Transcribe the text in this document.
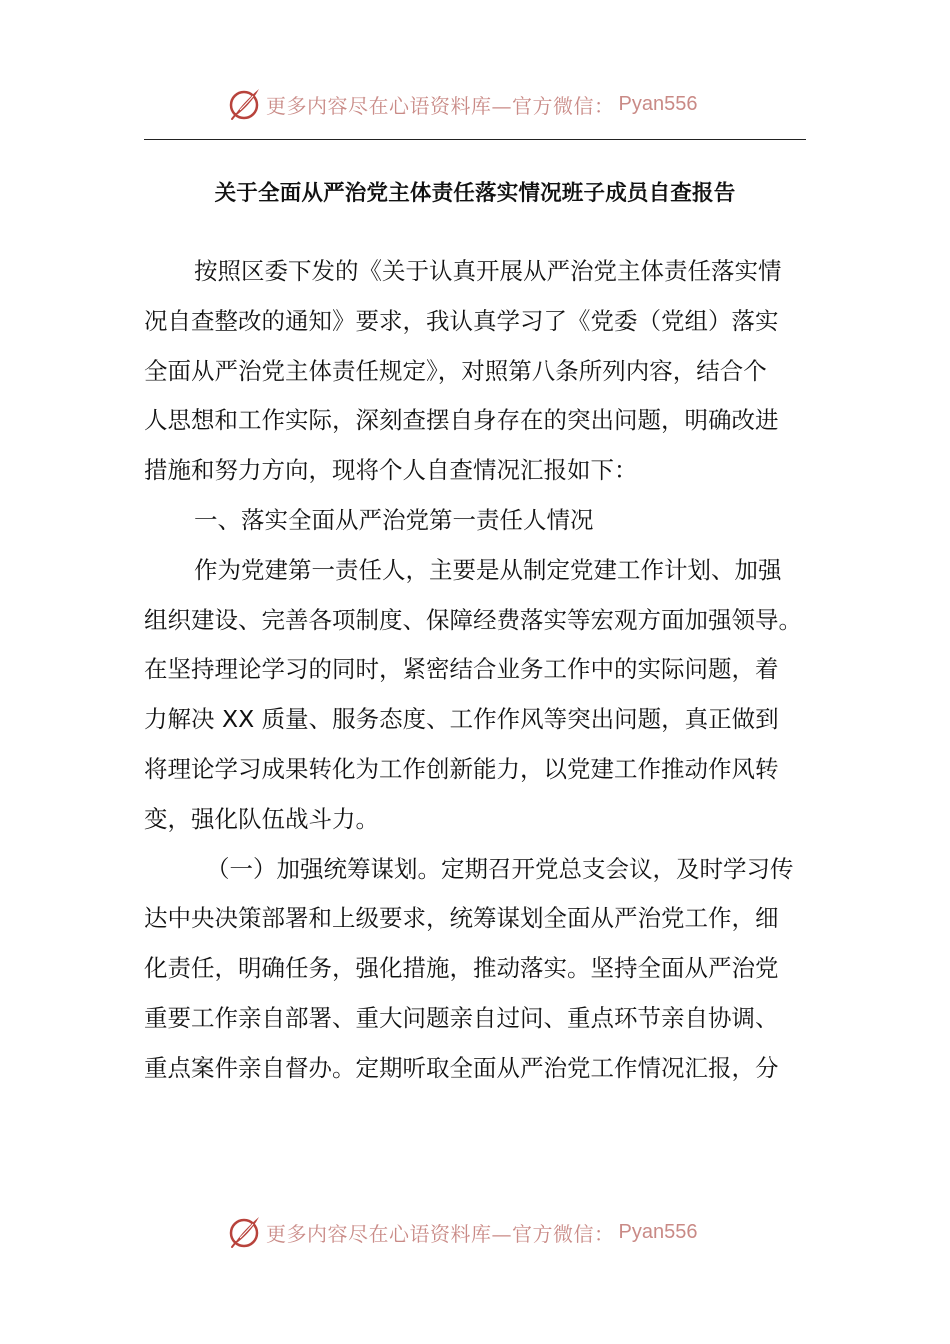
更多内容尽在心语资料库—官方微信： Pyan556
关于全面从严治党主体责任落实情况班子成员自查报告
按照区委下发的《关于认真开展从严治党主体责任落实情
况自查整改的通知》要求，我认真学习了《党委（党组）落实
全面从严治党主体责任规定》，对照第八条所列内容，结合个
人思想和工作实际，深刻查摆自身存在的突出问题，明确改进
措施和努力方向，现将个人自查情况汇报如下：
一、落实全面从严治党第一责任人情况
作为党建第一责任人，主要是从制定党建工作计划、加强
组织建设、完善各项制度、保障经费落实等宏观方面加强领导。
在坚持理论学习的同时，紧密结合业务工作中的实际问题，着
力解决 XX 质量、服务态度、工作作风等突出问题，真正做到
将理论学习成果转化为工作创新能力，以党建工作推动作风转
变，强化队伍战斗力。
（一）加强统筹谋划。定期召开党总支会议，及时学习传
达中央决策部署和上级要求，统筹谋划全面从严治党工作，细
化责任，明确任务，强化措施，推动落实。坚持全面从严治党
重要工作亲自部署、重大问题亲自过问、重点环节亲自协调、
重点案件亲自督办。定期听取全面从严治党工作情况汇报，分
更多内容尽在心语资料库—官方微信： Pyan556
